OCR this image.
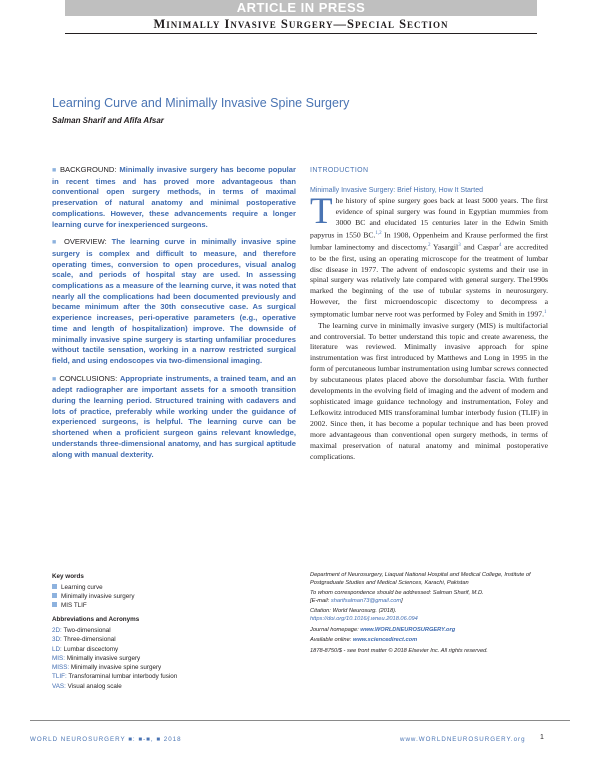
ARTICLE IN PRESS
Minimally Invasive Surgery—Special Section
Learning Curve and Minimally Invasive Spine Surgery
Salman Sharif and Afifa Afsar

■ BACKGROUND: Minimally invasive surgery has become popular in recent times and has proved more advantageous than conventional open surgery methods, in terms of maximal preservation of natural anatomy and minimal postoperative complications. However, these advancements require a longer learning curve for inexperienced surgeons.

■ OVERVIEW: The learning curve in minimally invasive spine surgery is complex and difficult to measure, and therefore operating times, conversion to open procedures, visual analog scale, and periods of hospital stay are used. In assessing complications as a measure of the learning curve, it was noted that nearly all the complications had been documented previously and became minimum after the 30th consecutive case. As surgical experience increases, peri-operative parameters (e.g., operative time and length of hospitalization) improve. The downside of minimally invasive spine surgery is starting unfamiliar procedures without tactile sensation, working in a narrow restricted surgical field, and using endoscopes via two-dimensional imaging.

■ CONCLUSIONS: Appropriate instruments, a trained team, and an adept radiographer are important assets for a smooth transition during the learning period. Structured training with cadavers and lots of practice, preferably while working under the guidance of experienced surgeons, is helpful. The learning curve can be shortened when a proficient surgeon gains relevant knowledge, understands three-dimensional anatomy, and has surgical aptitude along with manual dexterity.

INTRODUCTION
Minimally Invasive Surgery: Brief History, How It Started

The history of spine surgery goes back at least 5000 years. The first evidence of spinal surgery was found in Egyptian mummies from 3000 BC and elucidated 15 centuries later in the Edwin Smith papyrus in 1550 BC.$^{1,2}$ In 1908, Oppenheim and Krause performed the first lumbar laminectomy and discectomy.$^2$ Yasargil$^3$ and Caspar$^4$ are accredited to be the first, using an operating microscope for the treatment of lumbar disc disease in 1977. The advent of endoscopic systems and their use in spinal surgery was relatively late compared with general surgery. The1990s marked the beginning of the use of tubular systems in neurosurgery. However, the first microendoscopic discectomy to decompress a symptomatic lumbar nerve root was performed by Foley and Smith in 1997.$^1$

The learning curve in minimally invasive surgery (MIS) is multifactorial and controversial. To better understand this topic and create awareness, the literature was reviewed. Minimally invasive approach for spine instrumentation was first introduced by Matthews and Long in 1995 in the form of percutaneous lumbar instrumentation using lumbar screws connected by subcutaneous plates placed above the dorsolumbar fascia. With further developments in the evolving field of imaging and the advent of modern and sophisticated image guidance technology and instrumentation, Foley and Lefkowitz introduced MIS transforaminal lumbar interbody fusion (TLIF) in 2002. Since then, it has become a popular technique and has been proved more advantageous than conventional open surgery methods, in terms of maximal preservation of natural anatomy and minimal postoperative complications.

Key words
Learning curve
Minimally invasive surgery
MIS TLIF
Abbreviations and Acronyms
2D: Two-dimensional
3D: Three-dimensional
LD: Lumbar discectomy
MIS: Minimally invasive surgery
MISS: Minimally invasive spine surgery
TLIF: Transforaminal lumbar interbody fusion
VAS: Visual analog scale

Department of Neurosurgery, Liaquat National Hospital and Medical College, Institute of Postgraduate Studies and Medical Sciences, Karachi, Pakistan

To whom correspondence should be addressed: Salman Sharif, M.D.
[E-mail: sharifsalman73@gmail.com]

Citation: World Neurosurg. (2018).
https://doi.org/10.1016/j.wneu.2018.06.094

Journal homepage: www.WORLDNEUROSURGERY.org

Available online: www.sciencedirect.com

1878-8750/$ - see front matter © 2018 Elsevier Inc. All rights reserved.

WORLD NEUROSURGERY ■: ■-■, ■ 2018	www.WORLDNEUROSURGERY.org 1
